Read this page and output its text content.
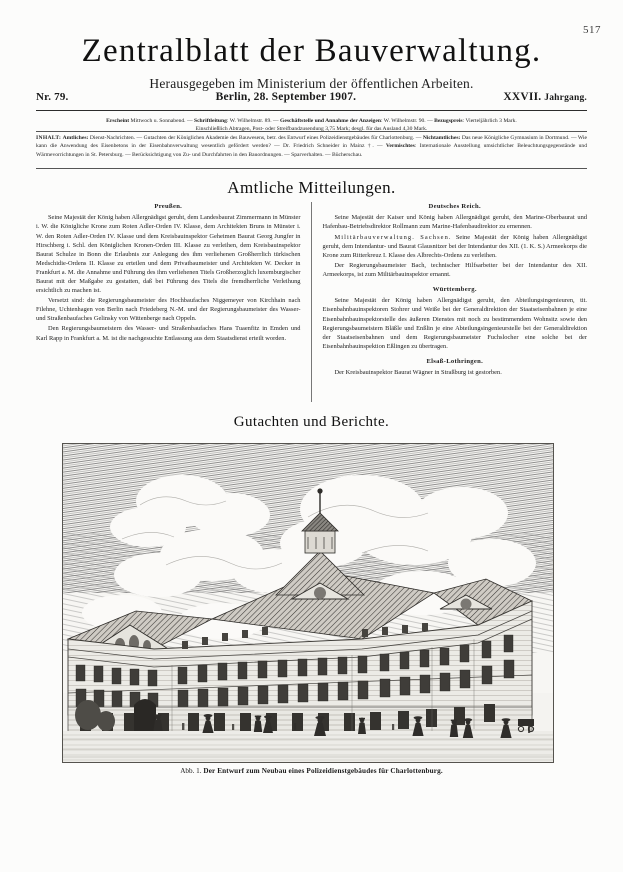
517
Zentralblatt der Bauverwaltung.
Herausgegeben im Ministerium der öffentlichen Arbeiten.
Nr. 79.	Berlin, 28. September 1907.	XXVII. Jahrgang.
Erscheint Mittwoch u. Sonnabend. — Schriftleitung: W. Wilhelmstr. 89. — Geschäftstelle und Annahme der Anzeigen: W. Wilhelmstr. 90. — Bezugspreis: Vierteljährlich 3 Mark.
Einschließlich Abtragen, Post- oder Streifbandzusendung 3,75 Mark; desgl. für das Ausland 4,30 Mark.
INHALT: Amtliches: Dienst-Nachrichten. — Gutachten der Königlichen Akademie des Bauwesens, betr. des Entwurf eines Polizeidienstgebäudes für Charlottenburg. — Nichtamtliches: Das neue Königliche Gymnasium in Dortmund. — Wie kann die Anwendung des Eisenbetons in der Eisenbahnverwaltung wesentlich gefördert werden? — Dr. Friedrich Schneider in Mainz †. — Vermischtes: Internationale Ausstellung umsichtlicher Beleuchtungsgegenstände und Wärmevorrichtungen in St. Petersburg. — Berücksichtigung von Zu- und Durchfahrten in den Bauordnungen. — Sparverhalten. — Bücherschau.
Amtliche Mitteilungen.
Preußen.

Seine Majestät der König haben Allergnädigst geruht, dem Landesbaurat Zimmermann in Münster i. W. die Königliche Krone zum Roten Adler-Orden IV. Klasse, dem Architekten Bruns in Münster i. W. den Roten Adler-Orden IV. Klasse und dem Kreisbauinspektor Geheimen Baurat Georg Jungfer in Hirschberg i. Schl. den Königlichen Kronen-Orden III. Klasse zu verleihen, dem Kreisbauinspektor Baurat Schulze in Bonn die Erlaubnis zur Anlegung des ihm verliehenen Großherrlich türkischen Medschidie-Ordens II. Klasse zu erteilen und dem Privatbaumeister und Architekten W. Decker in Frankfurt a. M. die Annahme und Führung des ihm verliehenen Titels Großherzoglich luxemburgischer Baurat mit der Maßgabe zu gestatten, daß bei Führung des Titels die fremdherrliche Verleihung ersichtlich zu machen ist.

Versetzt sind: die Regierungsbaumeister des Hochbaufaches Niggemeyer von Kirchhain nach Filehne, Uchtenhagen von Berlin nach Friedeberg N.-M. und der Regierungsbaumeister des Wasser- und Straßenbaufaches Gelinsky von Wittenberge nach Oppeln.

Den Regierungsbaumeistern des Wasser- und Straßenbaufaches Hans Tuaenfitz in Emden und Karl Rapp in Frankfurt a. M. ist die nachgesuchte Entlassung aus dem Staatsdienst erteilt worden.

Deutsches Reich.

Seine Majestät der Kaiser und König haben Allergnädigst geruht, den Marine-Oberbaurat und Hafenbau-Betriebsdirektor Rollmann zum Marine-Hafenbaudirektor zu ernennen.

Militärbauverwaltung. Sachsen. Seine Majestät der König haben Allergnädigst geruht, dem Intendantur- und Baurat Glausnitzer bei der Intendantur des XII. (1. K. S.) Armeekorps die Krone zum Ritterkreuz I. Klasse des Albrechts-Ordens zu verleihen.

Der Regierungsbaumeister Bach, technischer Hilfsarbeiter bei der Intendantur des XII. Armeekorps, ist zum Militärbauinspektor ernannt.

Württemberg.

Seine Majestät der König haben Allergnädigst geruht, den Abteilungsingenieuren, tit. Eisenbahnbauinspektoren Stohrer und Weiße bei der Generaldirektion der Staatseisenbahnen je eine Eisenbahnbauinspektorstelle des äußeren Dienstes mit noch zu bestimmendem Wohnsitz sowie den Regierungsbaumeistern Bläßle und Enßlin je eine Abteilungsingenieurstelle bei der Generaldirektion der Staatseisenbahnen und dem Regierungsbaumeister Fuchslocher eine solche bei der Eisenbahnbauinspektion Eßlingen zu übertragen.

Elsaß-Lothringen.

Der Kreisbauinspektor Baurat Wägner in Straßburg ist gestorben.

Gutachten und Berichte.
Abb. 1. Der Entwurf zum Neubau eines Polizeidienstgebäudes für Charlottenburg.
